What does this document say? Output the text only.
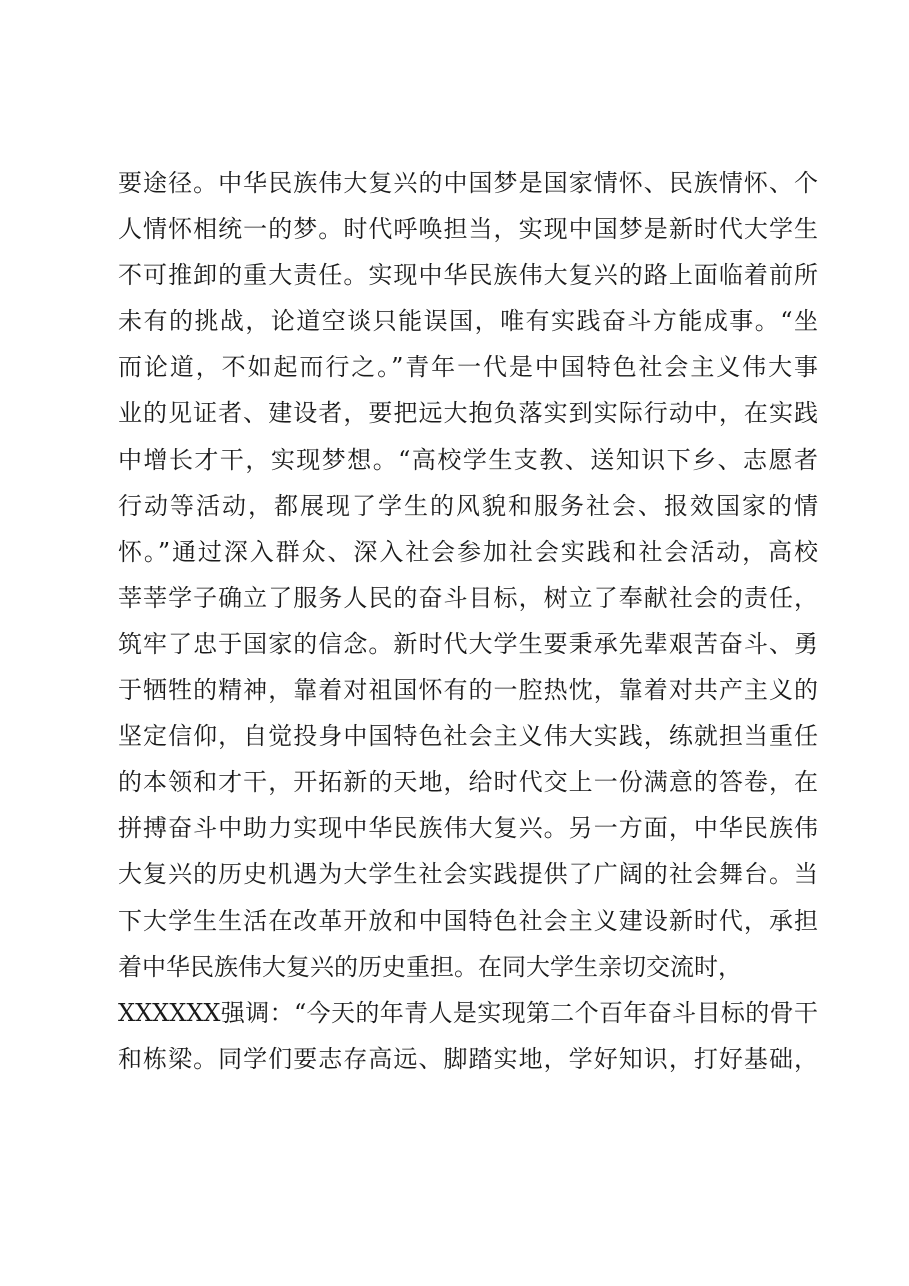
要途径。中华民族伟大复兴的中国梦是国家情怀、民族情怀、个
人情怀相统一的梦。时代呼唤担当，实现中国梦是新时代大学生
不可推卸的重大责任。实现中华民族伟大复兴的路上面临着前所
未有的挑战，论道空谈只能误国，唯有实践奋斗方能成事。“坐
而论道，不如起而行之。”青年一代是中国特色社会主义伟大事
业的见证者、建设者，要把远大抱负落实到实际行动中，在实践
中增长才干，实现梦想。“高校学生支教、送知识下乡、志愿者
行动等活动，都展现了学生的风貌和服务社会、报效国家的情
怀。”通过深入群众、深入社会参加社会实践和社会活动，高校
莘莘学子确立了服务人民的奋斗目标，树立了奉献社会的责任，
筑牢了忠于国家的信念。新时代大学生要秉承先辈艰苦奋斗、勇
于牺牲的精神，靠着对祖国怀有的一腔热忱，靠着对共产主义的
坚定信仰，自觉投身中国特色社会主义伟大实践，练就担当重任
的本领和才干，开拓新的天地，给时代交上一份满意的答卷，在
拼搏奋斗中助力实现中华民族伟大复兴。另一方面，中华民族伟
大复兴的历史机遇为大学生社会实践提供了广阔的社会舞台。当
下大学生生活在改革开放和中国特色社会主义建设新时代，承担
着中华民族伟大复兴的历史重担。在同大学生亲切交流时，
XXXXXX强调：“今天的年青人是实现第二个百年奋斗目标的骨干
和栋梁。同学们要志存高远、脚踏实地，学好知识，打好基础，
